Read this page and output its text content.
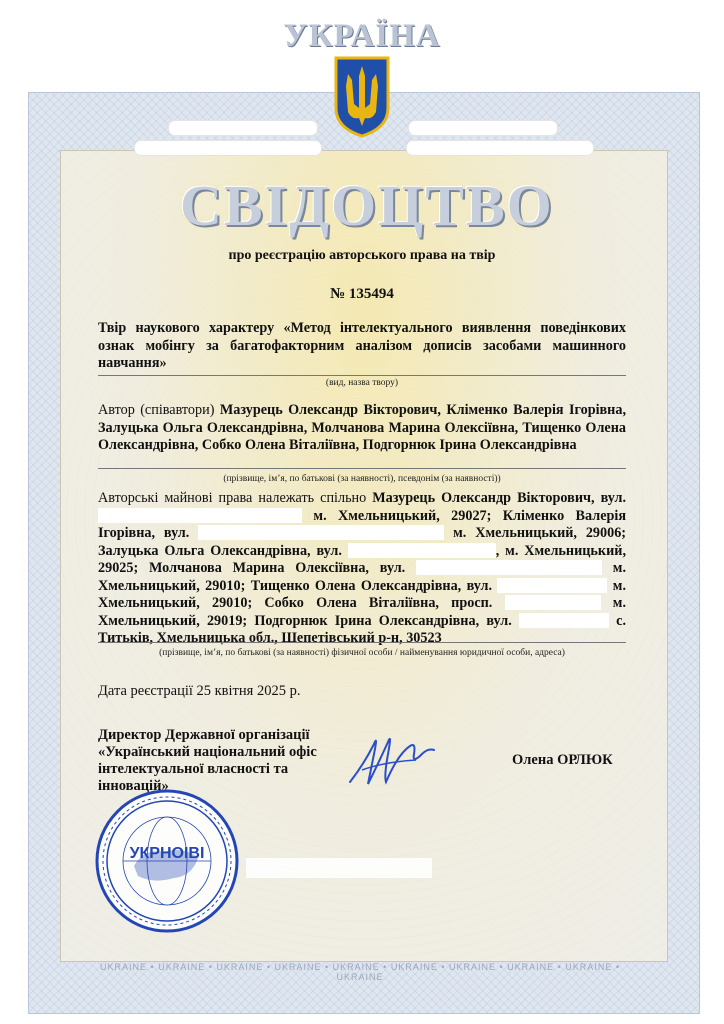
УКРАЇНА
СВІДОЦТВО
про реєстрацію авторського права на твір
№ 135494
Твір наукового характеру «Метод інтелектуального виявлення поведінкових ознак мобінгу за багатофакторним аналізом дописів засобами машинного навчання»
(вид, назва твору)
Автор (співавтори) Мазурець Олександр Вікторович, Кліменко Валерія Ігорівна, Залуцька Ольга Олександрівна, Молчанова Марина Олексіївна, Тищенко Олена Олександрівна, Собко Олена Віталіївна, Подгорнюк Ірина Олександрівна
(прізвище, ім’я, по батькові (за наявності), псевдонім (за наявності))
Авторські майнові права належать спільно Мазурець Олександр Вікторович, вул.  м. Хмельницький, 29027; Кліменко Валерія Ігорівна, вул.	м. Хмельницький, 29006; Залуцька Ольга Олександрівна, вул.	, м. Хмельницький, 29025; Молчанова Марина Олексіївна, вул.	м. Хмельницький, 29010; Тищенко Олена Олександрівна, вул.	м. Хмельницький, 29010; Собко Олена Віталіївна, просп.	м. Хмельницький, 29019; Подгорнюк Ірина Олександрівна, вул.	с. Титьків, Хмельницька обл., Шепетівський р-н, 30523
(прізвище, ім’я, по батькові (за наявності) фізичної особи / найменування юридичної особи, адреса)
Дата реєстрації 25 квітня 2025 р.
Директор Державної організації «Український національний офіс інтелектуальної власності та інновацій»
Олена ОРЛЮК
УКРНОІВІ
UKRAINE • UKRAINE • UKRAINE • UKRAINE • UKRAINE • UKRAINE • UKRAINE • UKRAINE • UKRAINE • UKRAINE
